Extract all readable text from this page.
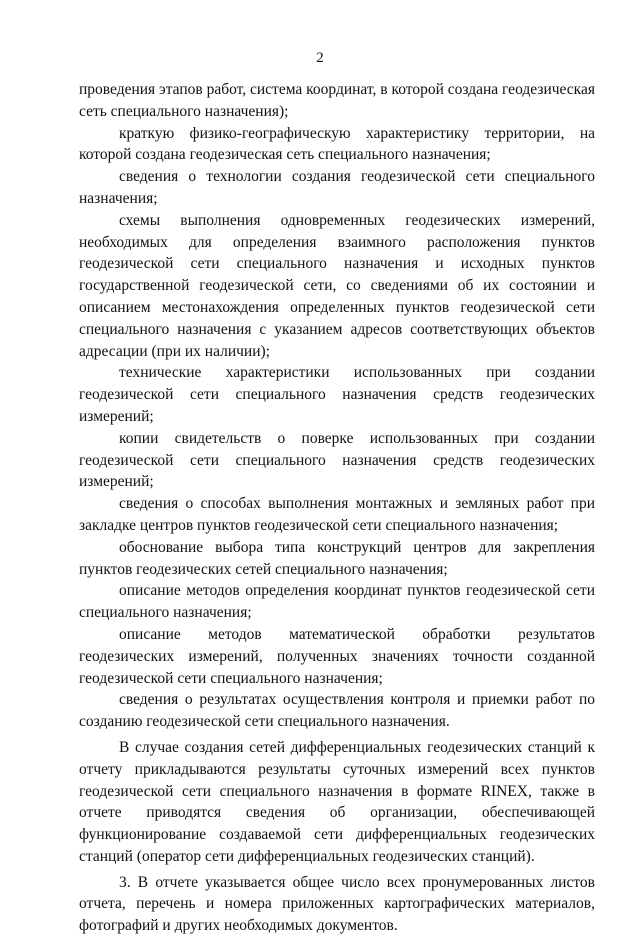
2

проведения этапов работ, система координат, в которой создана геодезическая сеть специального назначения);

краткую физико-географическую характеристику территории, на которой создана геодезическая сеть специального назначения;

сведения о технологии создания геодезической сети специального назначения;

схемы выполнения одновременных геодезических измерений, необходимых для определения взаимного расположения пунктов геодезической сети специального назначения и исходных пунктов государственной геодезической сети, со сведениями об их состоянии и описанием местонахождения определенных пунктов геодезической сети специального назначения с указанием адресов соответствующих объектов адресации (при их наличии);

технические характеристики использованных при создании геодезической сети специального назначения средств геодезических измерений;

копии свидетельств о поверке использованных при создании геодезической сети специального назначения средств геодезических измерений;

сведения о способах выполнения монтажных и земляных работ при закладке центров пунктов геодезической сети специального назначения;

обоснование выбора типа конструкций центров для закрепления пунктов геодезических сетей специального назначения;

описание методов определения координат пунктов геодезической сети специального назначения;

описание методов математической обработки результатов геодезических измерений, полученных значениях точности созданной геодезической сети специального назначения;

сведения о результатах осуществления контроля и приемки работ по созданию геодезической сети специального назначения.

В случае создания сетей дифференциальных геодезических станций к отчету прикладываются результаты суточных измерений всех пунктов геодезической сети специального назначения в формате RINEX, также в отчете приводятся сведения об организации, обеспечивающей функционирование создаваемой сети дифференциальных геодезических станций (оператор сети дифференциальных геодезических станций).

3. В отчете указывается общее число всех пронумерованных листов отчета, перечень и номера приложенных картографических материалов, фотографий и других необходимых документов.
